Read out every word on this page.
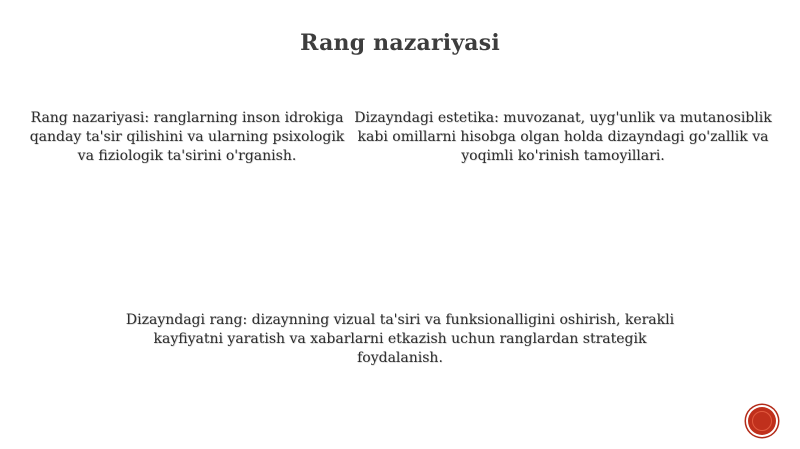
Rang nazariyasi
Rang nazariyasi: ranglarning inson idrokiga qanday ta'sir qilishini va ularning psixologik va fiziologik ta'sirini o'rganish.
Dizayndagi estetika: muvozanat, uyg'unlik va mutanosiblik kabi omillarni hisobga olgan holda dizayndagi go'zallik va yoqimli ko'rinish tamoyillari.
Dizayndagi rang: dizaynning vizual ta'siri va funksionalligini oshirish, kerakli kayfiyatni yaratish va xabarlarni etkazish uchun ranglardan strategik foydalanish.
